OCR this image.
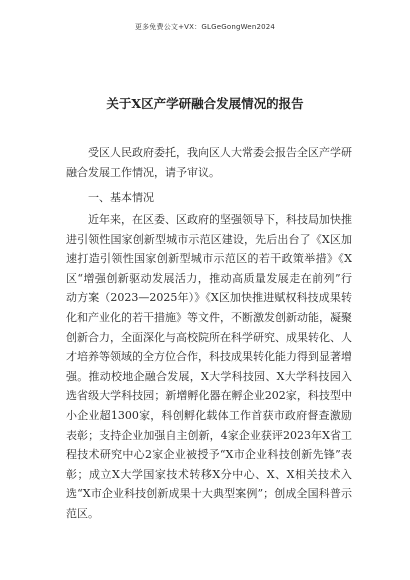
更多免费公文+VX：GLGeGongWen2024
关于X区产学研融合发展情况的报告

受区人民政府委托，我向区人大常委会报告全区产学研融合发展工作情况，请予审议。

一、基本情况

近年来，在区委、区政府的坚强领导下，科技局加快推进引领性国家创新型城市示范区建设，先后出台了《X区加速打造引领性国家创新型城市示范区的若干政策举措》《X区“增强创新驱动发展活力，推动高质量发展走在前列”行动方案（2023—2025年）》《X区加快推进赋权科技成果转化和产业化的若干措施》等文件，不断激发创新动能，凝聚创新合力，全面深化与高校院所在科学研究、成果转化、人才培养等领域的全方位合作，科技成果转化能力得到显著增强。推动校地企融合发展，X大学科技园、X大学科技园入选省级大学科技园；新增孵化器在孵企业202家，科技型中小企业超1300家，科创孵化载体工作首获市政府督查激励表彰；支持企业加强自主创新，4家企业获评2023年X省工程技术研究中心2家企业被授予“X市企业科技创新先锋”表彰；成立X大学国家技术转移X分中心、X、X相关技术入选“X市企业科技创新成果十大典型案例”；创成全国科普示范区。
